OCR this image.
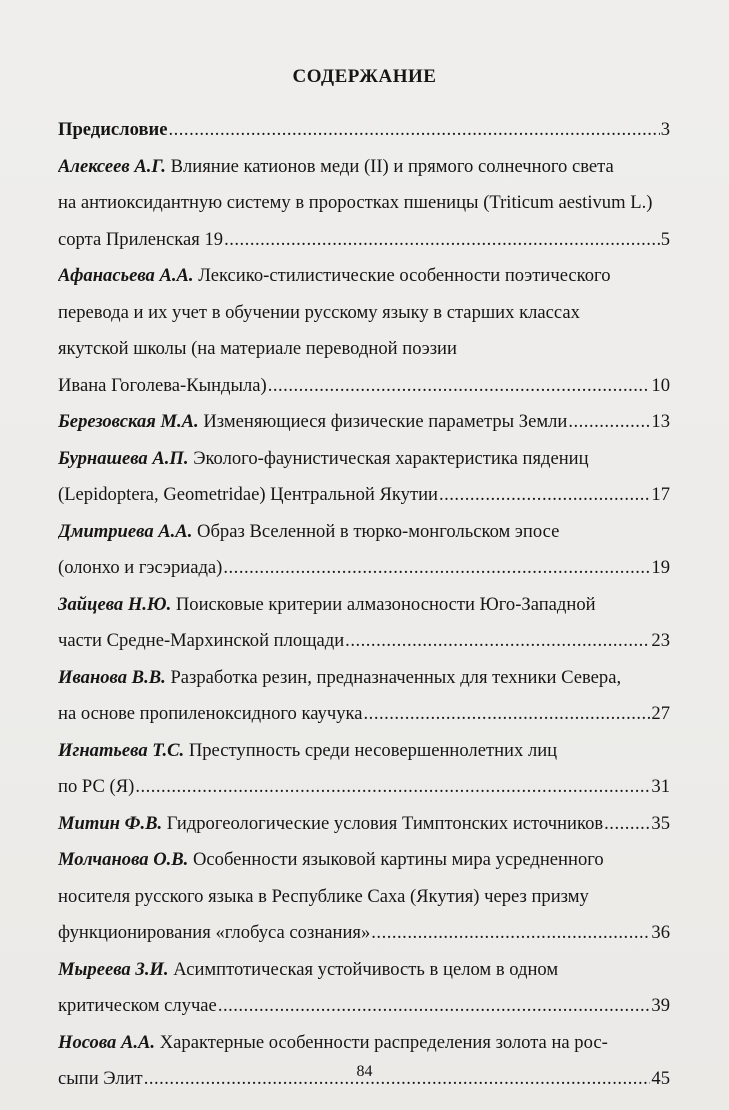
СОДЕРЖАНИЕ
Предисловие .....	3
Алексеев А.Г. Влияние катионов меди (II) и прямого солнечного света
на антиоксидантную систему в проростках пшеницы (Triticum aestivum L.)
сорта Приленская 19 .....	5
Афанасьева А.А. Лексико-стилистические особенности поэтического
перевода и их учет в обучении русскому языку в старших классах
якутской школы (на материале переводной поэзии
Ивана Гоголева-Кындыла) .....	10
Березовская М.А. Изменяющиеся физические параметры Земли .....	13
Бурнашева А.П. Эколого-фаунистическая характеристика пядениц
(Lepidoptera, Geometridae) Центральной Якутии .....	17
Дмитриева А.А. Образ Вселенной в тюрко-монгольском эпосе
(олонхо и гэсэриада) .....	19
Зайцева Н.Ю. Поисковые критерии алмазоносности Юго-Западной
части Средне-Мархинской площади .....	23
Иванова В.В. Разработка резин, предназначенных для техники Севера,
на основе пропиленоксидного каучука .....	27
Игнатьева Т.С. Преступность среди несовершеннолетних лиц
по РС (Я) .....	31
Митин Ф.В. Гидрогеологические условия Тимптонских источников .....	35
Молчанова О.В. Особенности языковой картины мира усредненного
носителя русского языка в Республике Саха (Якутия) через призму
функционирования «глобуса сознания» .....	36
Мыреева З.И. Асимптотическая устойчивость в целом в одном
критическом случае .....	39
Носова А.А. Характерные особенности распределения золота на рос-
сыпи Элит .....	45
84
